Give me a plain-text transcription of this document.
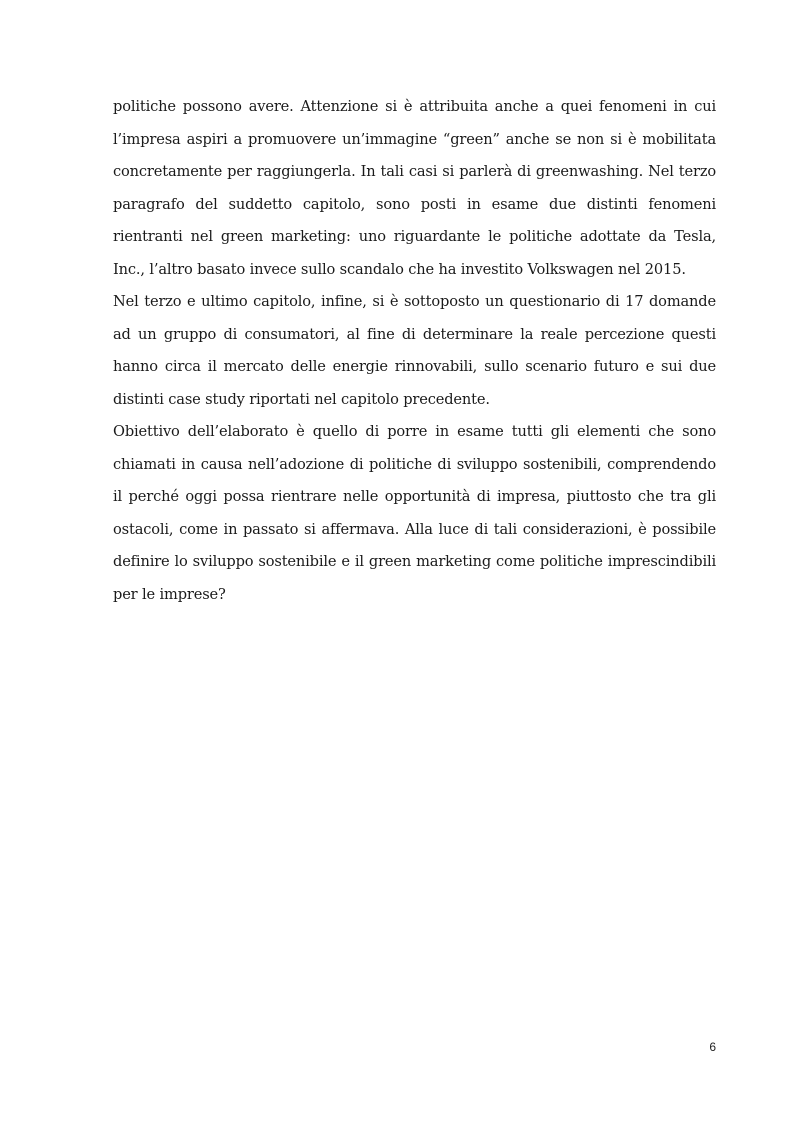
politiche possono avere. Attenzione si è attribuita anche a quei fenomeni in cui l’impresa aspiri a promuovere un’immagine “green” anche se non si è mobilitata concretamente per raggiungerla. In tali casi si parlerà di greenwashing. Nel terzo paragrafo del suddetto capitolo, sono posti in esame due distinti fenomeni rientranti nel green marketing: uno riguardante le politiche adottate da Tesla, Inc., l’altro basato invece sullo scandalo che ha investito Volkswagen nel 2015.

Nel terzo e ultimo capitolo, infine, si è sottoposto un questionario di 17 domande ad un gruppo di consumatori, al fine di determinare la reale percezione questi hanno circa il mercato delle energie rinnovabili, sullo scenario futuro e sui due distinti case study riportati nel capitolo precedente.

Obiettivo dell’elaborato è quello di porre in esame tutti gli elementi che sono chiamati in causa nell’adozione di politiche di sviluppo sostenibili, comprendendo il perché oggi possa rientrare nelle opportunità di impresa, piuttosto che tra gli ostacoli, come in passato si affermava. Alla luce di tali considerazioni, è possibile definire lo sviluppo sostenibile e il green marketing come politiche imprescindibili per le imprese?

6
